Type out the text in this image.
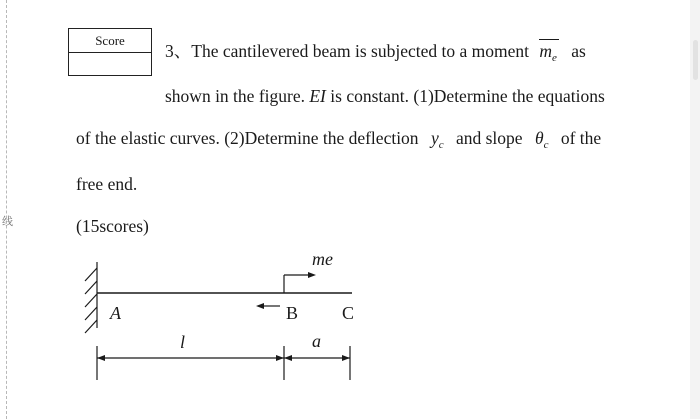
线
Score
3、The cantilevered beam is subjected to a moment $m_e$ as
shown in the figure. EI is constant. (1)Determine the equations
of the elastic curves. (2)Determine the deflection $y_c$ and slope $\theta_c$ of the
free end.
(15scores)
A	B C
me
l	a
